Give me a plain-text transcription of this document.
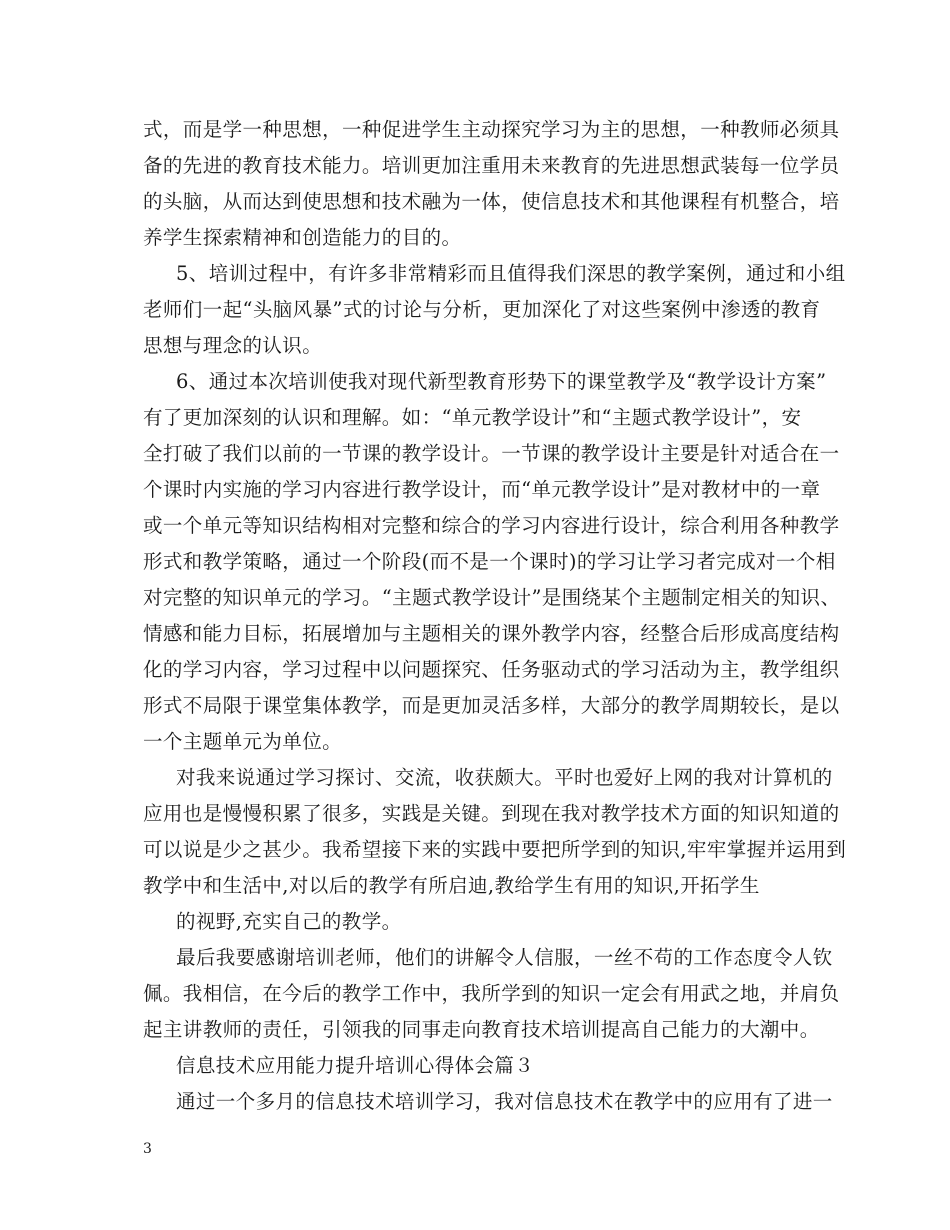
式，而是学一种思想，一种促进学生主动探究学习为主的思想，一种教师必须具
备的先进的教育技术能力。培训更加注重用未来教育的先进思想武装每一位学员
的头脑，从而达到使思想和技术融为一体，使信息技术和其他课程有机整合，培
养学生探索精神和创造能力的目的。
5、培训过程中，有许多非常精彩而且值得我们深思的教学案例，通过和小组
老师们一起“头脑风暴”式的讨论与分析，更加深化了对这些案例中渗透的教育
思想与理念的认识。
6、通过本次培训使我对现代新型教育形势下的课堂教学及“教学设计方案”
有了更加深刻的认识和理解。如：“单元教学设计”和“主题式教学设计”，安
全打破了我们以前的一节课的教学设计。一节课的教学设计主要是针对适合在一
个课时内实施的学习内容进行教学设计，而“单元教学设计”是对教材中的一章
或一个单元等知识结构相对完整和综合的学习内容进行设计，综合利用各种教学
形式和教学策略，通过一个阶段(而不是一个课时)的学习让学习者完成对一个相
对完整的知识单元的学习。“主题式教学设计”是围绕某个主题制定相关的知识、
情感和能力目标，拓展增加与主题相关的课外教学内容，经整合后形成高度结构
化的学习内容，学习过程中以问题探究、任务驱动式的学习活动为主，教学组织
形式不局限于课堂集体教学，而是更加灵活多样，大部分的教学周期较长，是以
一个主题单元为单位。
对我来说通过学习探讨、交流，收获颇大。平时也爱好上网的我对计算机的
应用也是慢慢积累了很多，实践是关键。到现在我对教学技术方面的知识知道的
可以说是少之甚少。我希望接下来的实践中要把所学到的知识,牢牢掌握并运用到
教学中和生活中,对以后的教学有所启迪,教给学生有用的知识,开拓学生
的视野,充实自己的教学。
最后我要感谢培训老师，他们的讲解令人信服，一丝不苟的工作态度令人钦
佩。我相信，在今后的教学工作中，我所学到的知识一定会有用武之地，并肩负
起主讲教师的责任，引领我的同事走向教育技术培训提高自己能力的大潮中。
信息技术应用能力提升培训心得体会篇３
通过一个多月的信息技术培训学习，我对信息技术在教学中的应用有了进一
3
